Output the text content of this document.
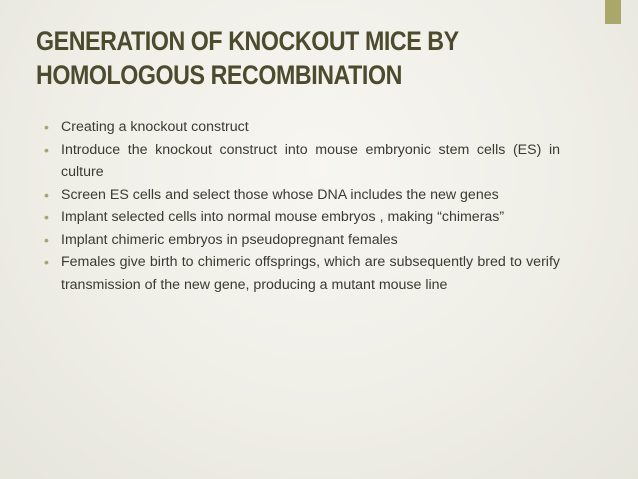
GENERATION OF KNOCKOUT MICE BY
HOMOLOGOUS RECOMBINATION
• Creating a knockout construct
• Introduce the knockout construct into mouse embryonic stem cells (ES) in culture
• Screen ES cells and select those whose DNA includes the new genes
• Implant selected cells into normal mouse embryos , making “chimeras”
• Implant chimeric embryos in pseudopregnant females
• Females give birth to chimeric offsprings, which are subsequently bred to verify transmission of the new gene, producing a mutant mouse line
